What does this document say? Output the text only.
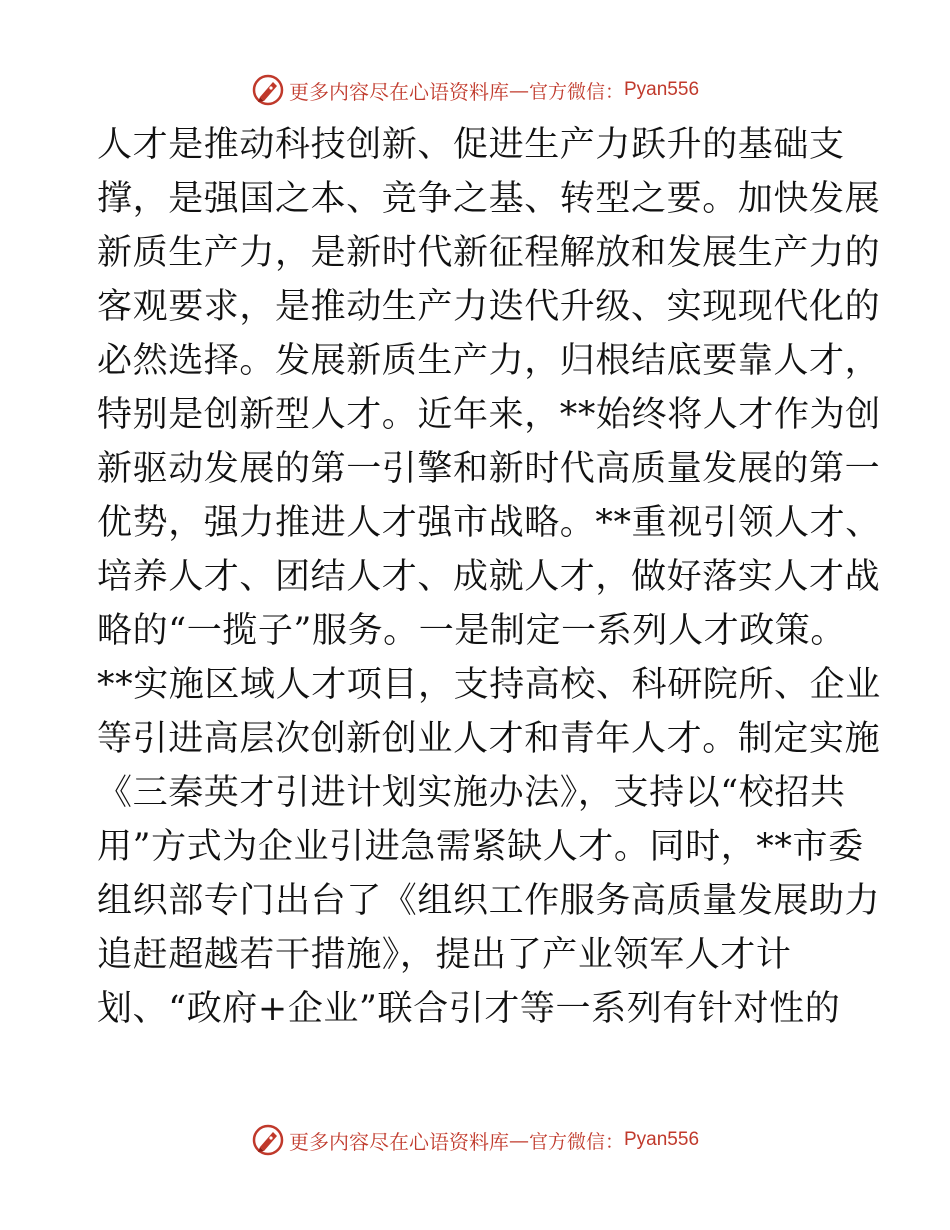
更多内容尽在心语资料库 — 官方微信： Pyan556
人才是推动科技创新、促进生产力跃升的基础支
撑，是强国之本、竞争之基、转型之要。加快发展
新质生产力，是新时代新征程解放和发展生产力的
客观要求，是推动生产力迭代升级、实现现代化的
必然选择。发展新质生产力，归根结底要靠人才，
特别是创新型人才。近年来，**始终将人才作为创
新驱动发展的第一引擎和新时代高质量发展的第一
优势，强力推进人才强市战略。**重视引领人才、
培养人才、团结人才、成就人才，做好落实人才战
略的“一揽子”服务。一是制定一系列人才政策。
**实施区域人才项目，支持高校、科研院所、企业
等引进高层次创新创业人才和青年人才。制定实施
《三秦英才引进计划实施办法》，支持以“校招共
用”方式为企业引进急需紧缺人才。同时，**市委
组织部专门出台了《组织工作服务高质量发展助力
追赶超越若干措施》，提出了产业领军人才计
划、“政府+企业”联合引才等一系列有针对性的
更多内容尽在心语资料库 — 官方微信： Pyan556
